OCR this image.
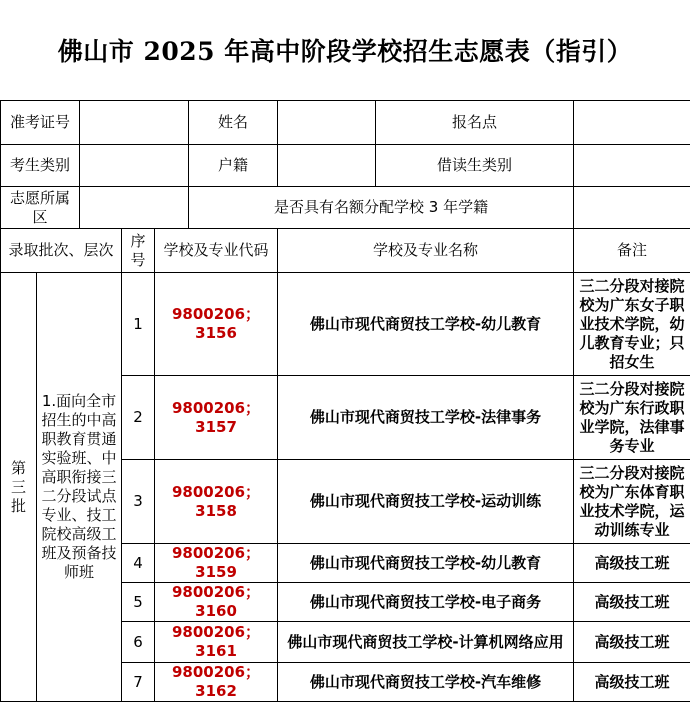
佛山市 2025 年高中阶段学校招生志愿表（指引）
准考证号					姓名		报名点	
考生类别					户籍		借读生类别	
志愿所属区					是否具有名额分配学校 3 年学籍			
录取批次、层次			序号	学校及专业代码		学校及专业名称		备注
第三批	1.面向全市招生的中高职教育贯通实验班、中高职衔接三二分段试点专业、技工院校高级工班及预备技师班		1	9800206；3156		佛山市现代商贸技工学校-幼儿教育		三二分段对接院校为广东女子职业技术学院，幼儿教育专业；只招女生
			2	9800206；3157		佛山市现代商贸技工学校-法律事务		三二分段对接院校为广东行政职业学院，法律事务专业
			3	9800206；3158		佛山市现代商贸技工学校-运动训练		三二分段对接院校为广东体育职业技术学院，运动训练专业
			4	9800206；3159		佛山市现代商贸技工学校-幼儿教育		高级技工班
			5	9800206；3160		佛山市现代商贸技工学校-电子商务		高级技工班
			6	9800206；3161		佛山市现代商贸技工学校-计算机网络应用		高级技工班
			7	9800206；3162		佛山市现代商贸技工学校-汽车维修		高级技工班
